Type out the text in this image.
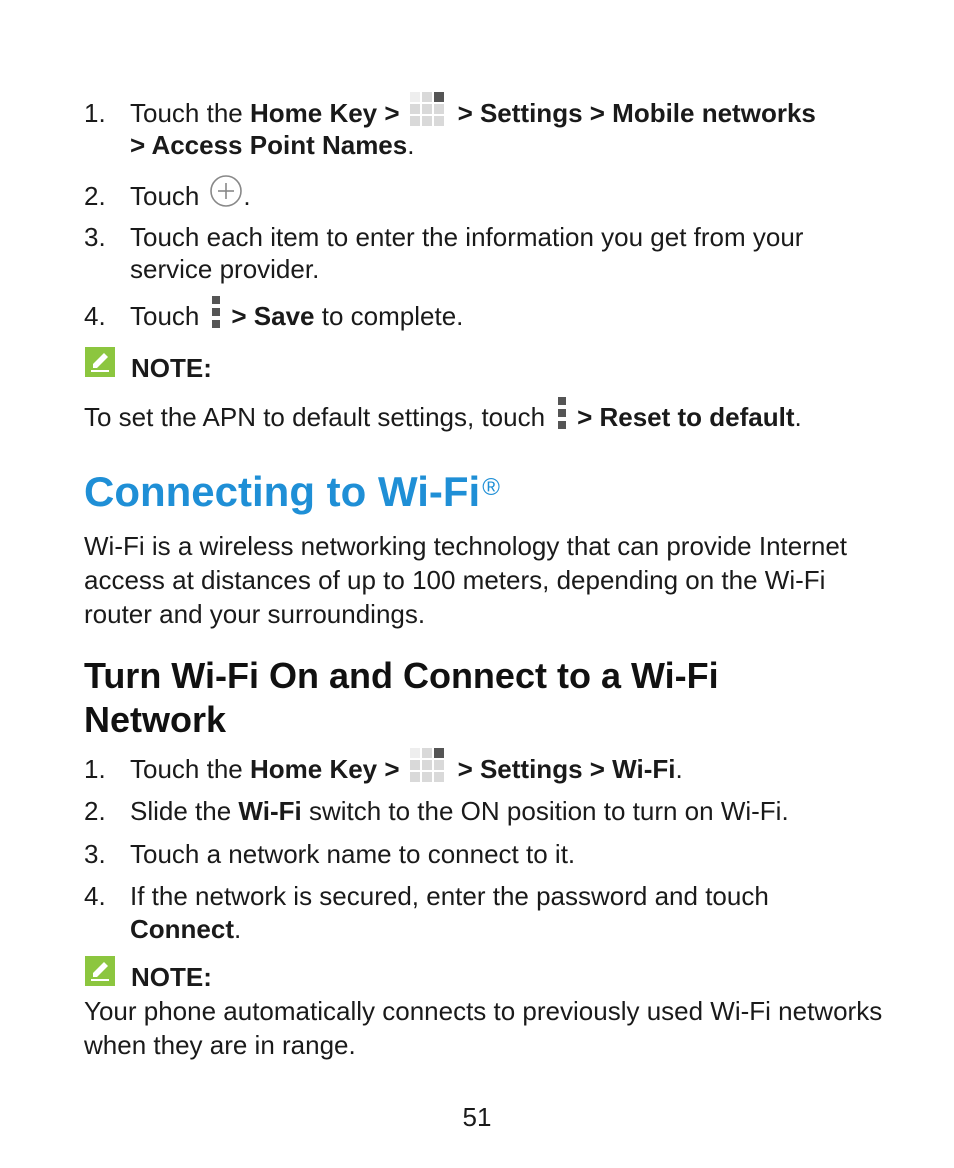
1. Touch the Home Key > > Settings > Mobile networks
> Access Point Names.
2. Touch .
3. Touch each item to enter the information you get from your
service provider.
4. Touch > Save to complete.
NOTE:
To set the APN to default settings, touch > Reset to default.
Connecting to Wi-Fi®
Wi-Fi is a wireless networking technology that can provide Internet access at distances of up to 100 meters, depending on the Wi-Fi router and your surroundings.
Turn Wi-Fi On and Connect to a Wi-Fi Network
1. Touch the Home Key > > Settings > Wi-Fi.
2. Slide the Wi-Fi switch to the ON position to turn on Wi-Fi.
3. Touch a network name to connect to it.
4. If the network is secured, enter the password and touch
Connect.
NOTE:
Your phone automatically connects to previously used Wi-Fi networks when they are in range.
51
